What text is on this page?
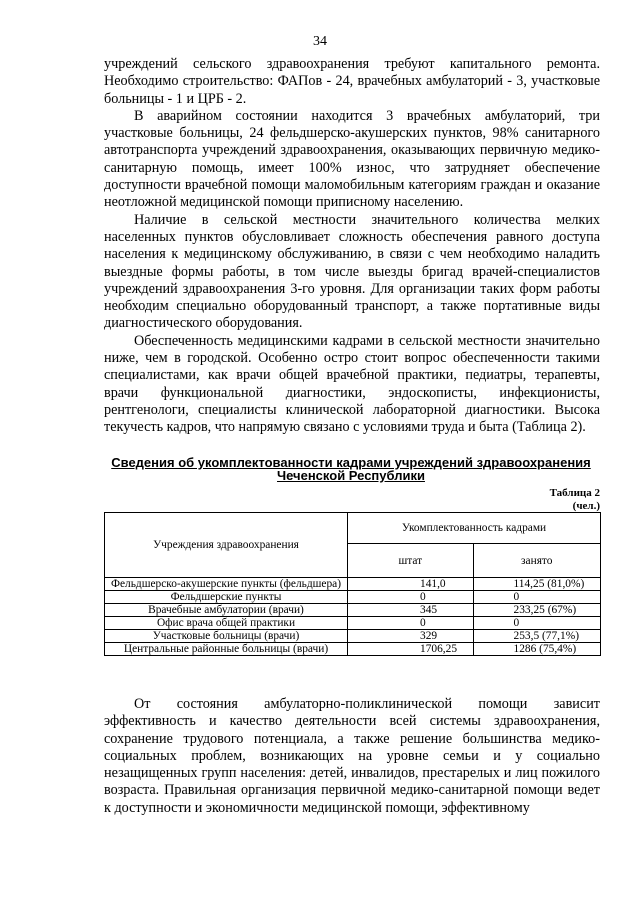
34

учреждений сельского здравоохранения требуют капитального ремонта. Необходимо строительство: ФАПов - 24, врачебных амбулаторий - 3, участковые больницы - 1 и ЦРБ - 2.

В аварийном состоянии находится 3 врачебных амбулаторий, три участковые больницы, 24 фельдшерско-акушерских пунктов, 98% санитарного автотранспорта учреждений здравоохранения, оказывающих первичную медико-санитарную помощь, имеет 100% износ, что затрудняет обеспечение доступности врачебной помощи маломобильным категориям граждан и оказание неотложной медицинской помощи приписному населению.

Наличие в сельской местности значительного количества мелких населенных пунктов обусловливает сложность обеспечения равного доступа населения к медицинскому обслуживанию, в связи с чем необходимо наладить выездные формы работы, в том числе выезды бригад врачей-специалистов учреждений здравоохранения 3-го уровня. Для организации таких форм работы необходим специально оборудованный транспорт, а также портативные виды диагностического оборудования.

Обеспеченность медицинскими кадрами в сельской местности значительно ниже, чем в городской. Особенно остро стоит вопрос обеспеченности такими специалистами, как врачи общей врачебной практики, педиатры, терапевты, врачи функциональной диагностики, эндоскописты, инфекционисты, рентгенологи, специалисты клинической лабораторной диагностики. Высока текучесть кадров, что напрямую связано с условиями труда и быта (Таблица 2).

Сведения об укомплектованности кадрами учреждений здравоохранения Чеченской Республики
Таблица 2
(чел.)
Учреждения здравоохранения	Укомплектованность кадрами	
	штат	занято
Фельдшерско-акушерские пункты (фельдшера)	141,0	114,25 (81,0%)
Фельдшерские пункты	0	0
Врачебные амбулатории (врачи)	345	233,25 (67%)
Офис врача общей практики	0	0
Участковые больницы (врачи)	329	253,5 (77,1%)
Центральные районные больницы (врачи)	1706,25	1286 (75,4%)

От состояния амбулаторно-поликлинической помощи зависит эффективность и качество деятельности всей системы здравоохранения, сохранение трудового потенциала, а также решение большинства медико-социальных проблем, возникающих на уровне семьи и у социально незащищенных групп населения: детей, инвалидов, престарелых и лиц пожилого возраста. Правильная организация первичной медико-санитарной помощи ведет к доступности и экономичности медицинской помощи, эффективному
